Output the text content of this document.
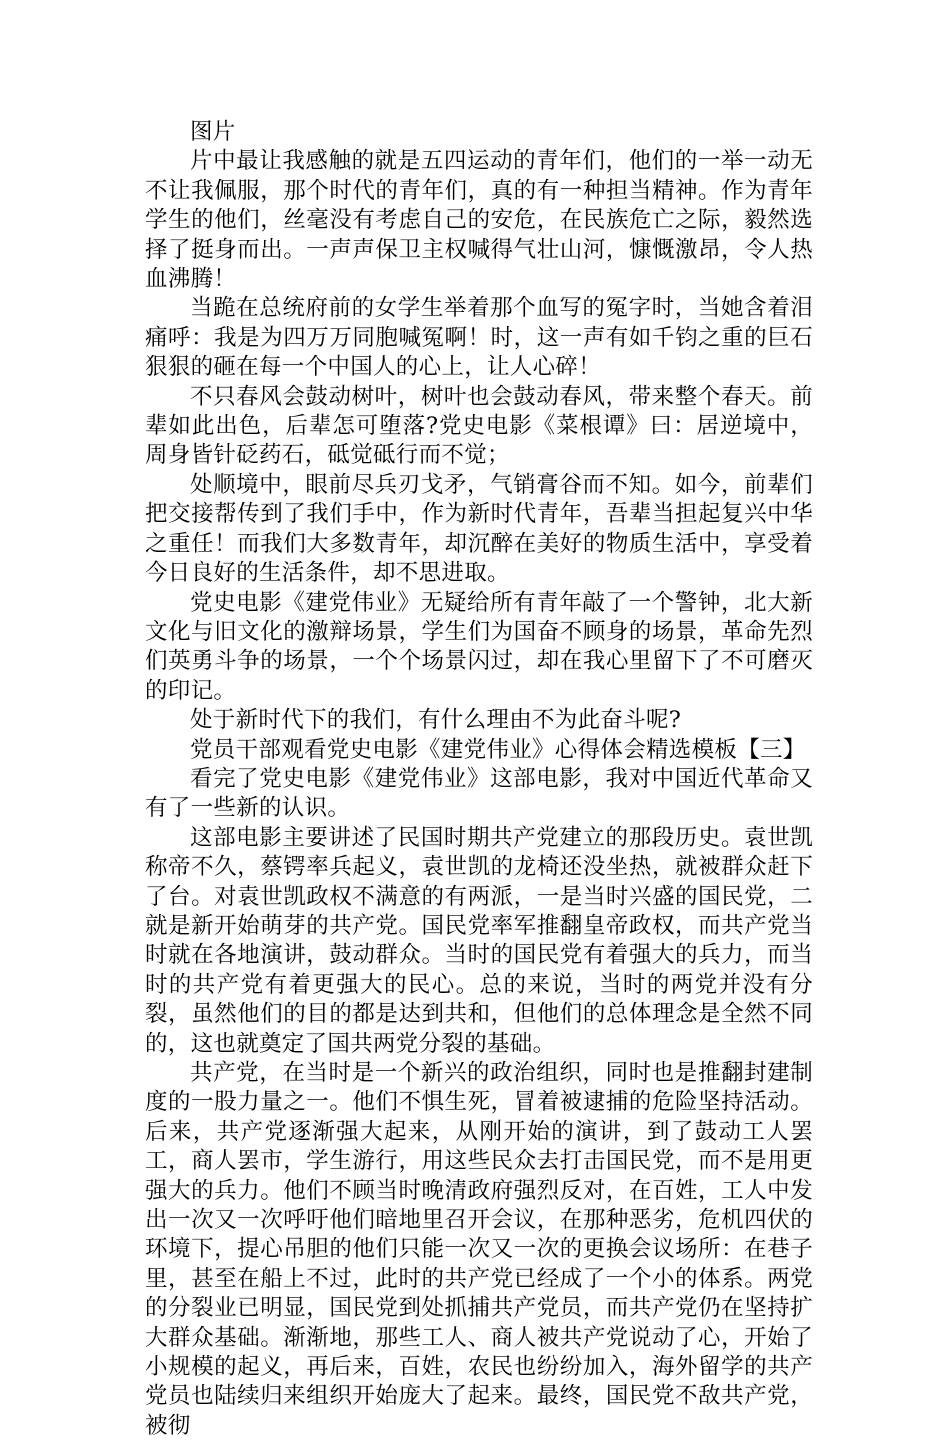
图片

片中最让我感触的就是五四运动的青年们，他们的一举一动无不让我佩服，那个时代的青年们，真的有一种担当精神。作为青年学生的他们，丝毫没有考虑自己的安危，在民族危亡之际，毅然选择了挺身而出。一声声保卫主权喊得气壮山河，慷慨激昂，令人热血沸腾！

当跪在总统府前的女学生举着那个血写的冤字时，当她含着泪痛呼：我是为四万万同胞喊冤啊！时，这一声有如千钧之重的巨石狠狠的砸在每一个中国人的心上，让人心碎！

不只春风会鼓动树叶，树叶也会鼓动春风，带来整个春天。前辈如此出色，后辈怎可堕落?党史电影《菜根谭》曰：居逆境中，周身皆针砭药石，砥觉砥行而不觉；

处顺境中，眼前尽兵刃戈矛，气销膏谷而不知。如今，前辈们把交接帮传到了我们手中，作为新时代青年，吾辈当担起复兴中华之重任！而我们大多数青年，却沉醉在美好的物质生活中，享受着今日良好的生活条件，却不思进取。

党史电影《建党伟业》无疑给所有青年敲了一个警钟，北大新文化与旧文化的激辩场景，学生们为国奋不顾身的场景，革命先烈们英勇斗争的场景，一个个场景闪过，却在我心里留下了不可磨灭的印记。

处于新时代下的我们，有什么理由不为此奋斗呢?

党员干部观看党史电影《建党伟业》心得体会精选模板【三】

看完了党史电影《建党伟业》这部电影，我对中国近代革命又有了一些新的认识。

这部电影主要讲述了民国时期共产党建立的那段历史。袁世凯称帝不久，蔡锷率兵起义，袁世凯的龙椅还没坐热，就被群众赶下了台。对袁世凯政权不满意的有两派，一是当时兴盛的国民党，二就是新开始萌芽的共产党。国民党率军推翻皇帝政权，而共产党当时就在各地演讲，鼓动群众。当时的国民党有着强大的兵力，而当时的共产党有着更强大的民心。总的来说，当时的两党并没有分裂，虽然他们的目的都是达到共和，但他们的总体理念是全然不同的，这也就奠定了国共两党分裂的基础。

共产党，在当时是一个新兴的政治组织，同时也是推翻封建制度的一股力量之一。他们不惧生死，冒着被逮捕的危险坚持活动。后来，共产党逐渐强大起来，从刚开始的演讲，到了鼓动工人罢工，商人罢市，学生游行，用这些民众去打击国民党，而不是用更强大的兵力。他们不顾当时晚清政府强烈反对，在百姓，工人中发出一次又一次呼吁他们暗地里召开会议，在那种恶劣，危机四伏的环境下，提心吊胆的他们只能一次又一次的更换会议场所：在巷子里，甚至在船上不过，此时的共产党已经成了一个小的体系。两党的分裂业已明显，国民党到处抓捕共产党员，而共产党仍在坚持扩大群众基础。渐渐地，那些工人、商人被共产党说动了心，开始了小规模的起义，再后来，百姓，农民也纷纷加入，海外留学的共产党员也陆续归来组织开始庞大了起来。最终，国民党不敌共产党，被彻
